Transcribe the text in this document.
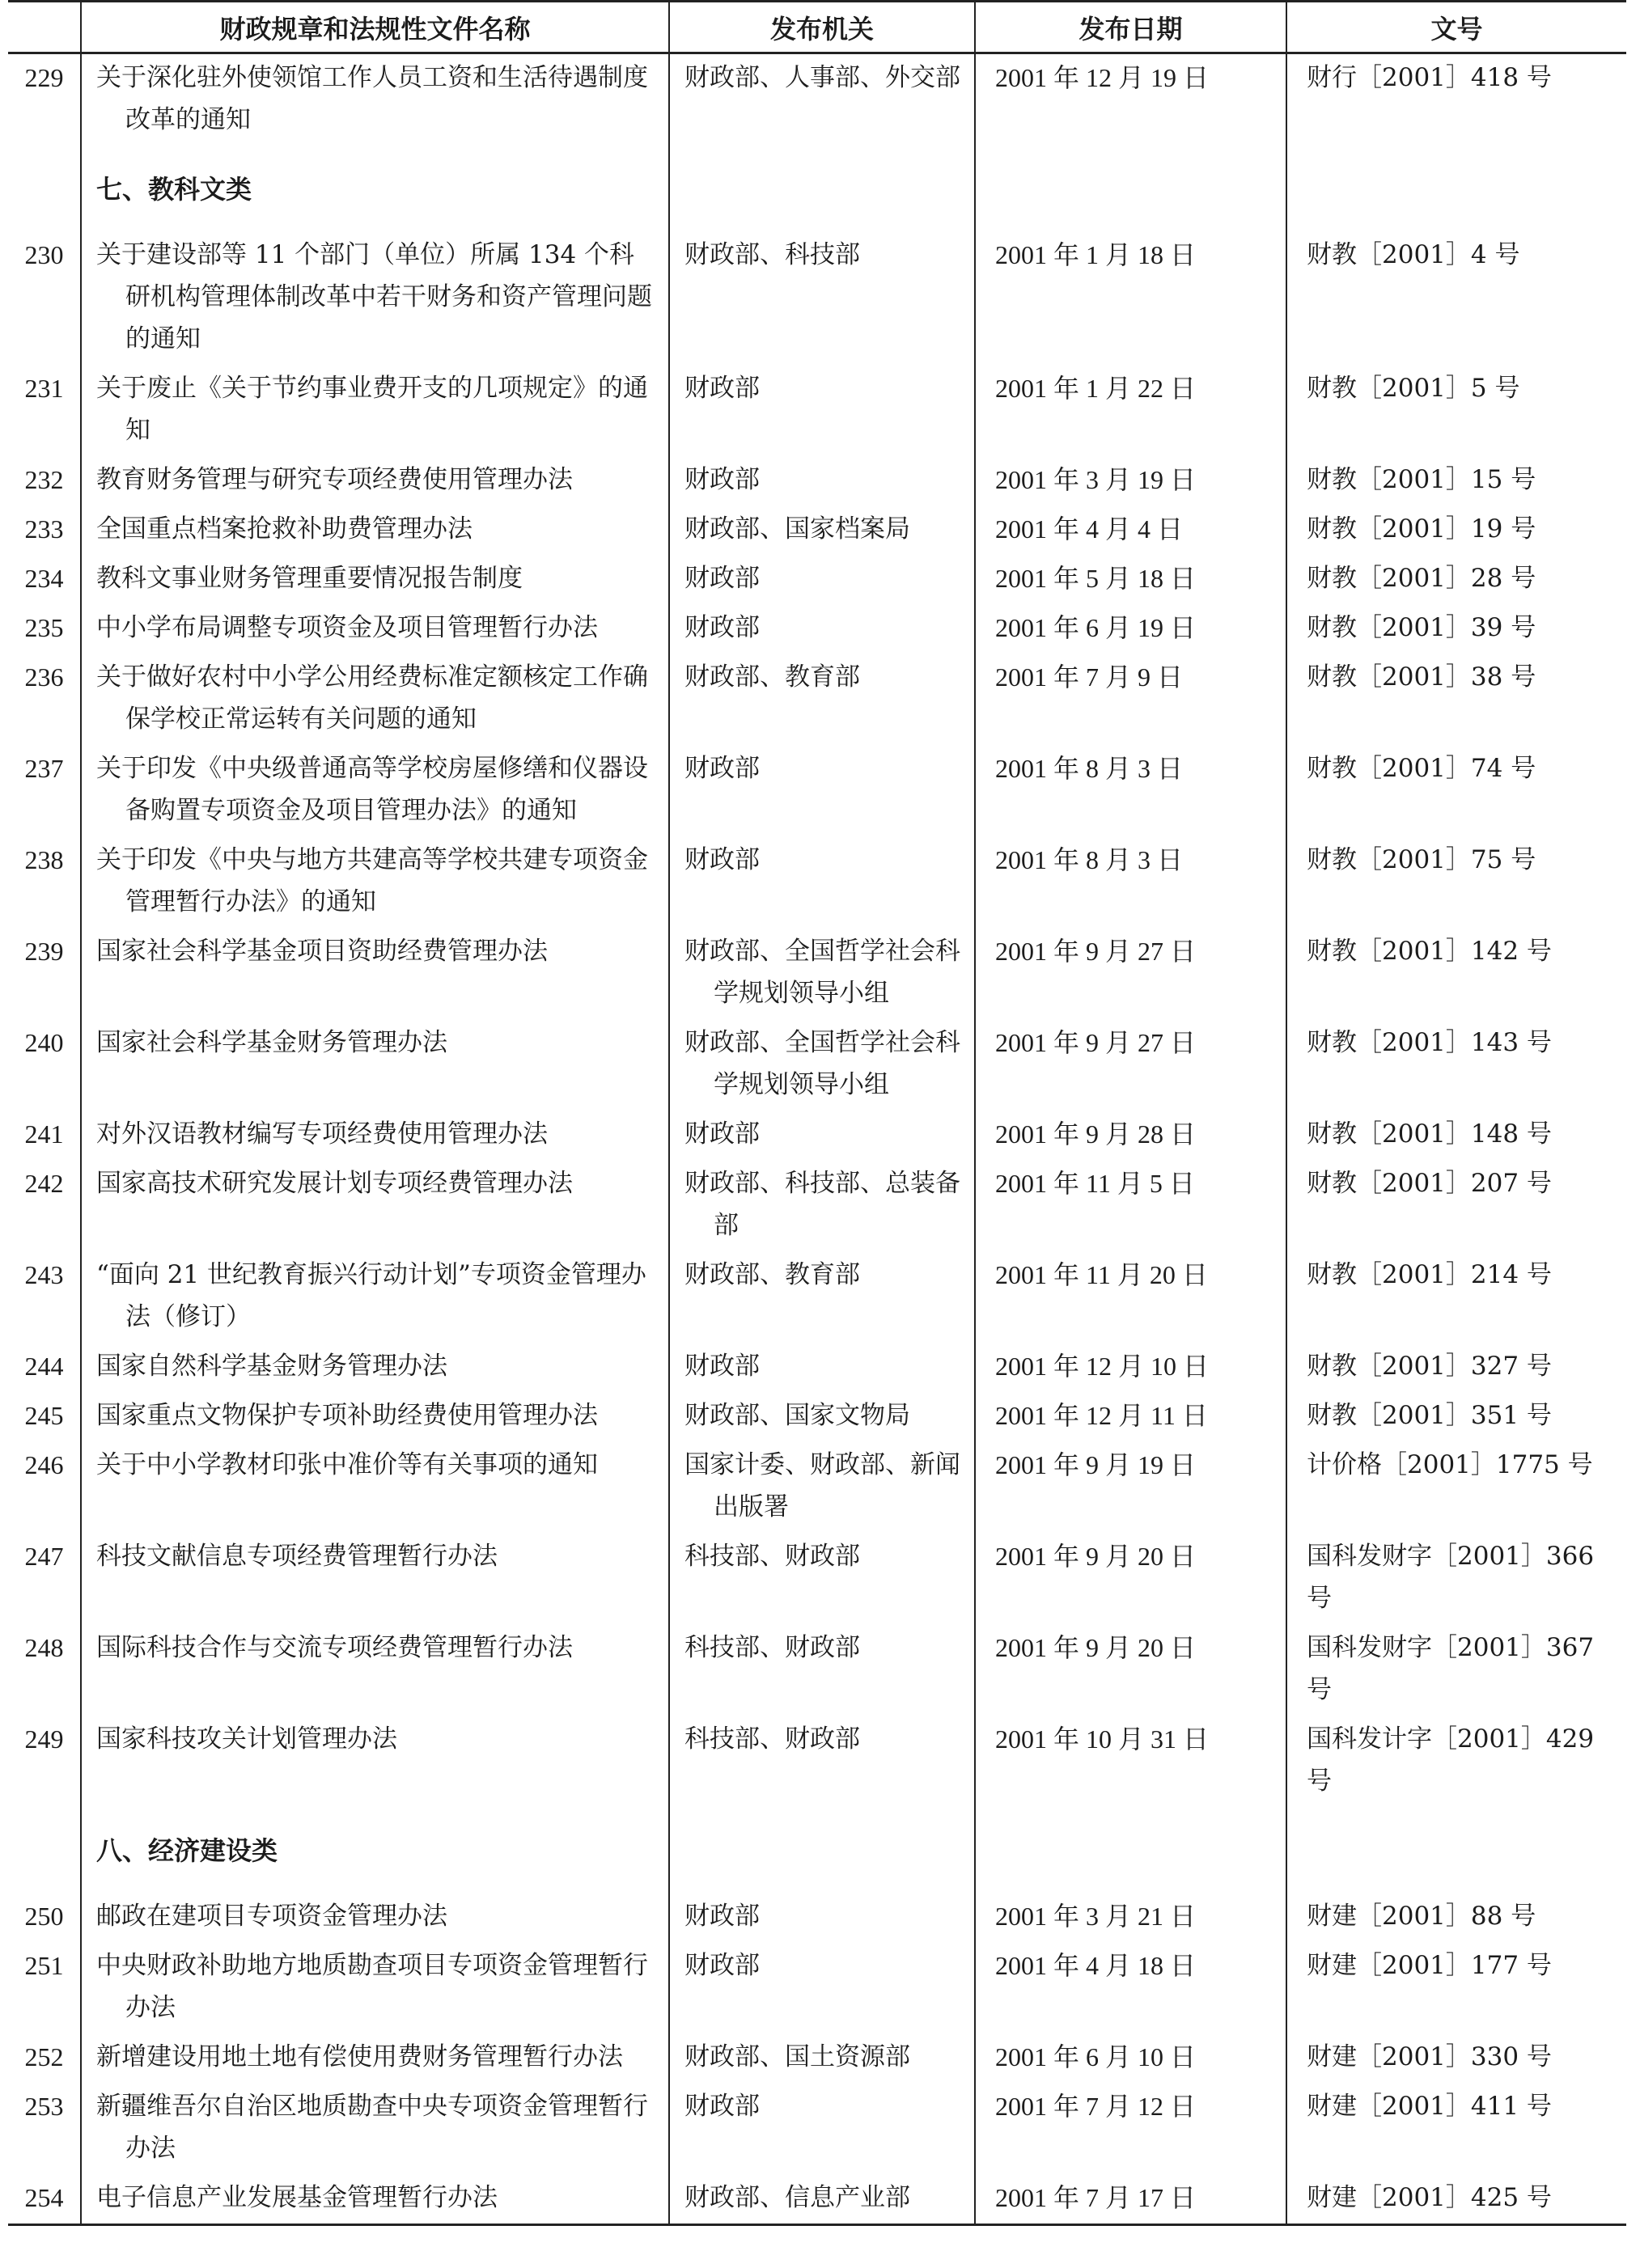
	财政规章和法规性文件名称	发布机关	发布日期	文号
229	关于深化驻外使领馆工作人员工资和生活待遇制度改革的通知	财政部、人事部、外交部	2001 年 12 月 19 日	财行［2001］418 号
	七、教科文类			
230	关于建设部等 11 个部门（单位）所属 134 个科研机构管理体制改革中若干财务和资产管理问题的通知	财政部、科技部	2001 年 1 月 18 日	财教［2001］4 号
231	关于废止《关于节约事业费开支的几项规定》的通知	财政部	2001 年 1 月 22 日	财教［2001］5 号
232	教育财务管理与研究专项经费使用管理办法	财政部	2001 年 3 月 19 日	财教［2001］15 号
233	全国重点档案抢救补助费管理办法	财政部、国家档案局	2001 年 4 月 4 日	财教［2001］19 号
234	教科文事业财务管理重要情况报告制度	财政部	2001 年 5 月 18 日	财教［2001］28 号
235	中小学布局调整专项资金及项目管理暂行办法	财政部	2001 年 6 月 19 日	财教［2001］39 号
236	关于做好农村中小学公用经费标准定额核定工作确保学校正常运转有关问题的通知	财政部、教育部	2001 年 7 月 9 日	财教［2001］38 号
237	关于印发《中央级普通高等学校房屋修缮和仪器设备购置专项资金及项目管理办法》的通知	财政部	2001 年 8 月 3 日	财教［2001］74 号
238	关于印发《中央与地方共建高等学校共建专项资金管理暂行办法》的通知	财政部	2001 年 8 月 3 日	财教［2001］75 号
239	国家社会科学基金项目资助经费管理办法	财政部、全国哲学社会科学规划领导小组	2001 年 9 月 27 日	财教［2001］142 号
240	国家社会科学基金财务管理办法	财政部、全国哲学社会科学规划领导小组	2001 年 9 月 27 日	财教［2001］143 号
241	对外汉语教材编写专项经费使用管理办法	财政部	2001 年 9 月 28 日	财教［2001］148 号
242	国家高技术研究发展计划专项经费管理办法	财政部、科技部、总装备部	2001 年 11 月 5 日	财教［2001］207 号
243	“面向 21 世纪教育振兴行动计划”专项资金管理办法（修订）	财政部、教育部	2001 年 11 月 20 日	财教［2001］214 号
244	国家自然科学基金财务管理办法	财政部	2001 年 12 月 10 日	财教［2001］327 号
245	国家重点文物保护专项补助经费使用管理办法	财政部、国家文物局	2001 年 12 月 11 日	财教［2001］351 号
246	关于中小学教材印张中准价等有关事项的通知	国家计委、财政部、新闻出版署	2001 年 9 月 19 日	计价格［2001］1775 号
247	科技文献信息专项经费管理暂行办法	科技部、财政部	2001 年 9 月 20 日	国科发财字［2001］366 号
248	国际科技合作与交流专项经费管理暂行办法	科技部、财政部	2001 年 9 月 20 日	国科发财字［2001］367 号
249	国家科技攻关计划管理办法	科技部、财政部	2001 年 10 月 31 日	国科发计字［2001］429 号
	八、经济建设类			
250	邮政在建项目专项资金管理办法	财政部	2001 年 3 月 21 日	财建［2001］88 号
251	中央财政补助地方地质勘查项目专项资金管理暂行办法	财政部	2001 年 4 月 18 日	财建［2001］177 号
252	新增建设用地土地有偿使用费财务管理暂行办法	财政部、国土资源部	2001 年 6 月 10 日	财建［2001］330 号
253	新疆维吾尔自治区地质勘查中央专项资金管理暂行办法	财政部	2001 年 7 月 12 日	财建［2001］411 号
254	电子信息产业发展基金管理暂行办法	财政部、信息产业部	2001 年 7 月 17 日	财建［2001］425 号
